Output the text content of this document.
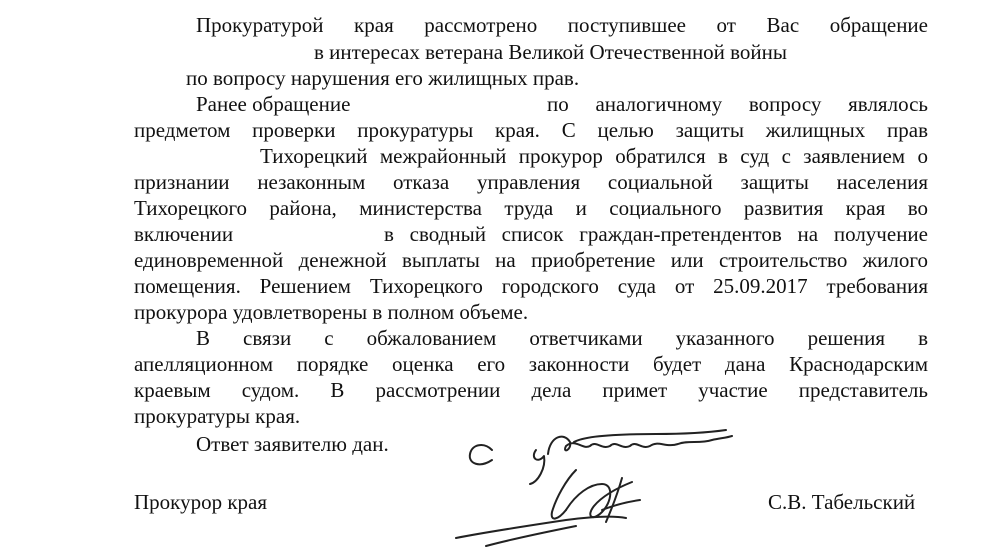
Прокуратурой края рассмотрено поступившее от Вас обращение
в интересах ветерана Великой Отечественной войны
по вопросу нарушения его жилищных прав.
Ранее обращение	по аналогичному вопросу являлось
предметом проверки прокуратуры края. С целью защиты жилищных прав
Тихорецкий межрайонный прокурор обратился в суд с заявлением о
признании незаконным отказа управления социальной защиты населения
Тихорецкого района, министерства труда и социального развития края во
включении	в сводный список граждан-претендентов на получение
единовременной денежной выплаты на приобретение или строительство жилого
помещения. Решением Тихорецкого городского суда от 25.09.2017 требования
прокурора удовлетворены в полном объеме.
В связи с обжалованием ответчиками указанного решения в
апелляционном порядке оценка его законности будет дана Краснодарским
краевым судом. В рассмотрении дела примет участие представитель
прокуратуры края.
Ответ заявителю дан.
Прокурор края	С.В. Табельский
